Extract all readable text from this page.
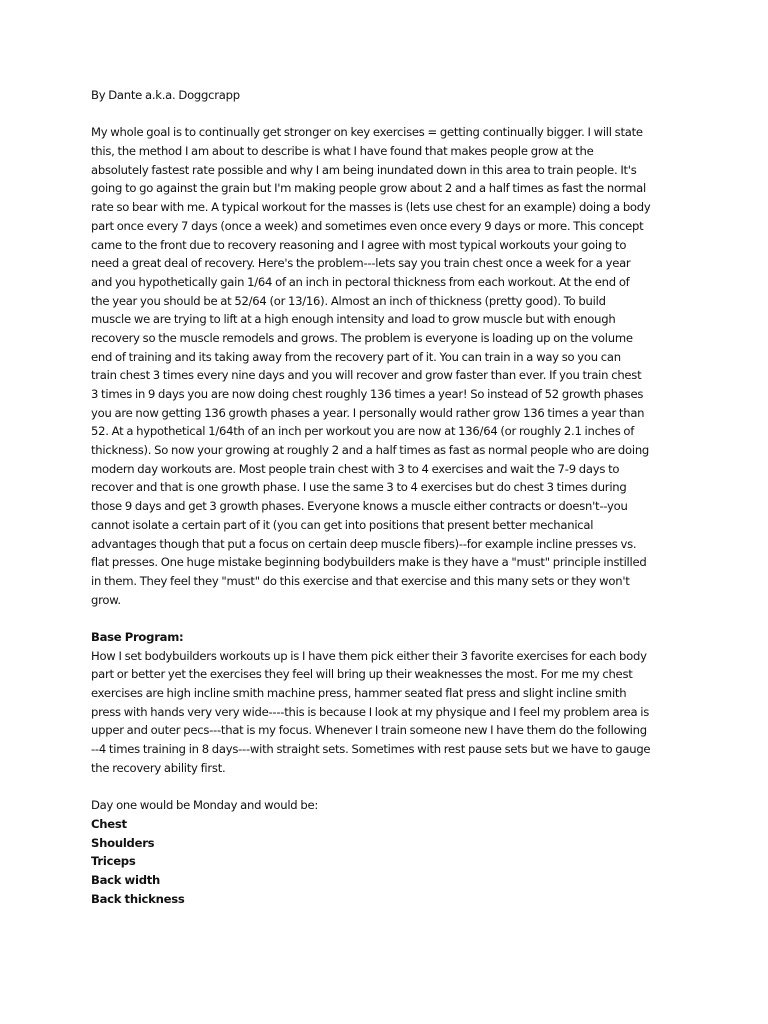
By Dante a.k.a. Doggcrapp
My whole goal is to continually get stronger on key exercises = getting continually bigger. I will state
this, the method I am about to describe is what I have found that makes people grow at the
absolutely fastest rate possible and why I am being inundated down in this area to train people. It's
going to go against the grain but I'm making people grow about 2 and a half times as fast the normal
rate so bear with me. A typical workout for the masses is (lets use chest for an example) doing a body
part once every 7 days (once a week) and sometimes even once every 9 days or more. This concept
came to the front due to recovery reasoning and I agree with most typical workouts your going to
need a great deal of recovery. Here's the problem---lets say you train chest once a week for a year
and you hypothetically gain 1/64 of an inch in pectoral thickness from each workout. At the end of
the year you should be at 52/64 (or 13/16). Almost an inch of thickness (pretty good). To build
muscle we are trying to lift at a high enough intensity and load to grow muscle but with enough
recovery so the muscle remodels and grows. The problem is everyone is loading up on the volume
end of training and its taking away from the recovery part of it. You can train in a way so you can
train chest 3 times every nine days and you will recover and grow faster than ever. If you train chest
3 times in 9 days you are now doing chest roughly 136 times a year! So instead of 52 growth phases
you are now getting 136 growth phases a year. I personally would rather grow 136 times a year than
52. At a hypothetical 1/64th of an inch per workout you are now at 136/64 (or roughly 2.1 inches of
thickness). So now your growing at roughly 2 and a half times as fast as normal people who are doing
modern day workouts are. Most people train chest with 3 to 4 exercises and wait the 7-9 days to
recover and that is one growth phase. I use the same 3 to 4 exercises but do chest 3 times during
those 9 days and get 3 growth phases. Everyone knows a muscle either contracts or doesn't--you
cannot isolate a certain part of it (you can get into positions that present better mechanical
advantages though that put a focus on certain deep muscle fibers)--for example incline presses vs.
flat presses. One huge mistake beginning bodybuilders make is they have a "must" principle instilled
in them. They feel they "must" do this exercise and that exercise and this many sets or they won't
grow.
Base Program:
How I set bodybuilders workouts up is I have them pick either their 3 favorite exercises for each body
part or better yet the exercises they feel will bring up their weaknesses the most. For me my chest
exercises are high incline smith machine press, hammer seated flat press and slight incline smith
press with hands very very wide----this is because I look at my physique and I feel my problem area is
upper and outer pecs---that is my focus. Whenever I train someone new I have them do the following
--4 times training in 8 days---with straight sets. Sometimes with rest pause sets but we have to gauge
the recovery ability first.
Day one would be Monday and would be:
Chest
Shoulders
Triceps
Back width
Back thickness
